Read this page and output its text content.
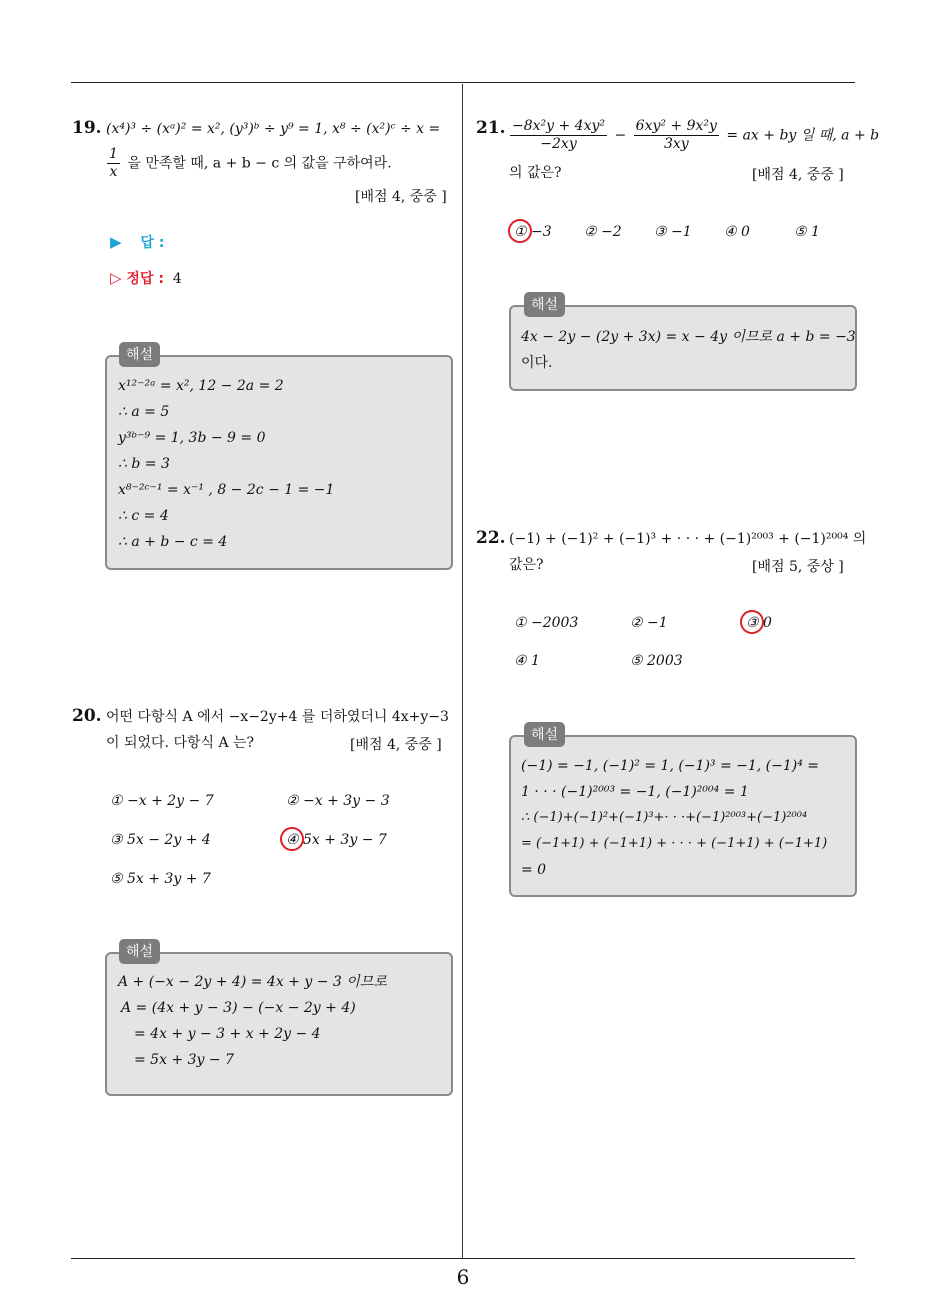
6
19. (x⁴)³ ÷ (xᵃ)² = x², (y³)ᵇ ÷ y⁹ = 1, x⁸ ÷ (x²)ᶜ ÷ x =
$\frac{1}{x}$ 을 만족할 때, a + b − c 의 값을 구하여라.
[배점 4, 중중 ]
▶ 답 :
▷ 정답 : 4
해설
x¹²⁻²ᵃ = x², 12 − 2a = 2
∴ a = 5
y³ᵇ⁻⁹ = 1, 3b − 9 = 0
∴ b = 3
x⁸⁻²ᶜ⁻¹ = x⁻¹ , 8 − 2c − 1 = −1
∴ c = 4
∴ a + b − c = 4
20. 어떤 다항식 A 에서 −x−2y+4 를 더하였더니 4x+y−3
이 되었다. 다항식 A 는?	[배점 4, 중중 ]
① −x + 2y − 7	② −x + 3y − 3
③ 5x − 2y + 4	④ 5x + 3y − 7
⑤ 5x + 3y + 7
해설
A + (−x − 2y + 4) = 4x + y − 3 이므로
A = (4x + y − 3) − (−x − 2y + 4)
= 4x + y − 3 + x + 2y − 4
= 5x + 3y − 7
21. $\frac{\text{−8x²y + 4xy²}}{-2xy} - \frac{\text{6xy² + 9x²y}}{3xy}$ = ax + by 일 때, a + b
의 값은?	[배점 4, 중중 ]
① −3 ② −2 ③ −1 ④ 0	⑤ 1
해설
4x − 2y − (2y + 3x) = x − 4y 이므로 a + b = −3
이다.
22. (−1) + (−1)² + (−1)³ + · · · + (−1)²⁰⁰³ + (−1)²⁰⁰⁴ 의
값은?	[배점 5, 중상 ]
① −2003	② −1	③ 0
④ 1	⑤ 2003
해설
(−1) = −1, (−1)² = 1, (−1)³ = −1, (−1)⁴ =
1 · · · (−1)²⁰⁰³ = −1, (−1)²⁰⁰⁴ = 1
∴ (−1)+(−1)²+(−1)³+· · ·+(−1)²⁰⁰³+(−1)²⁰⁰⁴
= (−1+1) + (−1+1) + · · · + (−1+1) + (−1+1)
= 0
